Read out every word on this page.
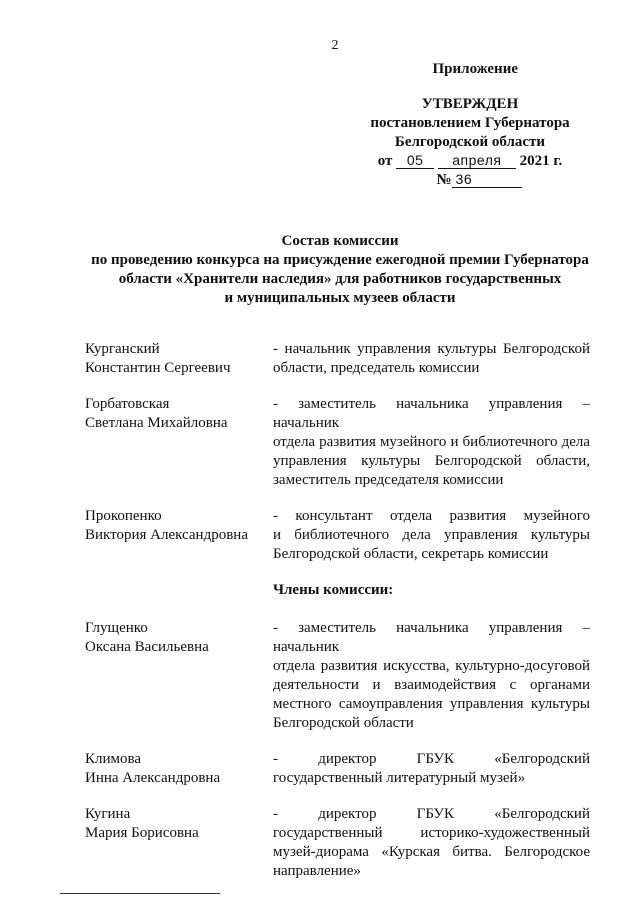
2
Приложение
УТВЕРЖДЕН
постановлением Губернатора
Белгородской области
от 05 апреля 2021 г.
№ 36
Состав комиссии
по проведению конкурса на присуждение ежегодной премии Губернатора
области «Хранители наследия» для работников государственных
и муниципальных музеев области
Курганский
Константин Сергеевич
- начальник управления культуры Белгородской
области, председатель комиссии
Горбатовская
Светлана Михайловна
- заместитель начальника управления – начальник
отдела развития музейного и библиотечного дела
управления культуры Белгородской области,
заместитель председателя комиссии
Прокопенко
Виктория Александровна
- консультант отдела развития музейного
и библиотечного дела управления культуры
Белгородской области, секретарь комиссии
Члены комиссии:
Глущенко
Оксана Васильевна
- заместитель начальника управления – начальник
отдела развития искусства, культурно-досуговой
деятельности и взаимодействия с органами
местного самоуправления управления культуры
Белгородской области
Климова
Инна Александровна
- директор ГБУК «Белгородский
государственный литературный музей»
Кугина
Мария Борисовна
- директор ГБУК «Белгородский
государственный историко-художественный
музей-диорама «Курская битва. Белгородское
направление»
